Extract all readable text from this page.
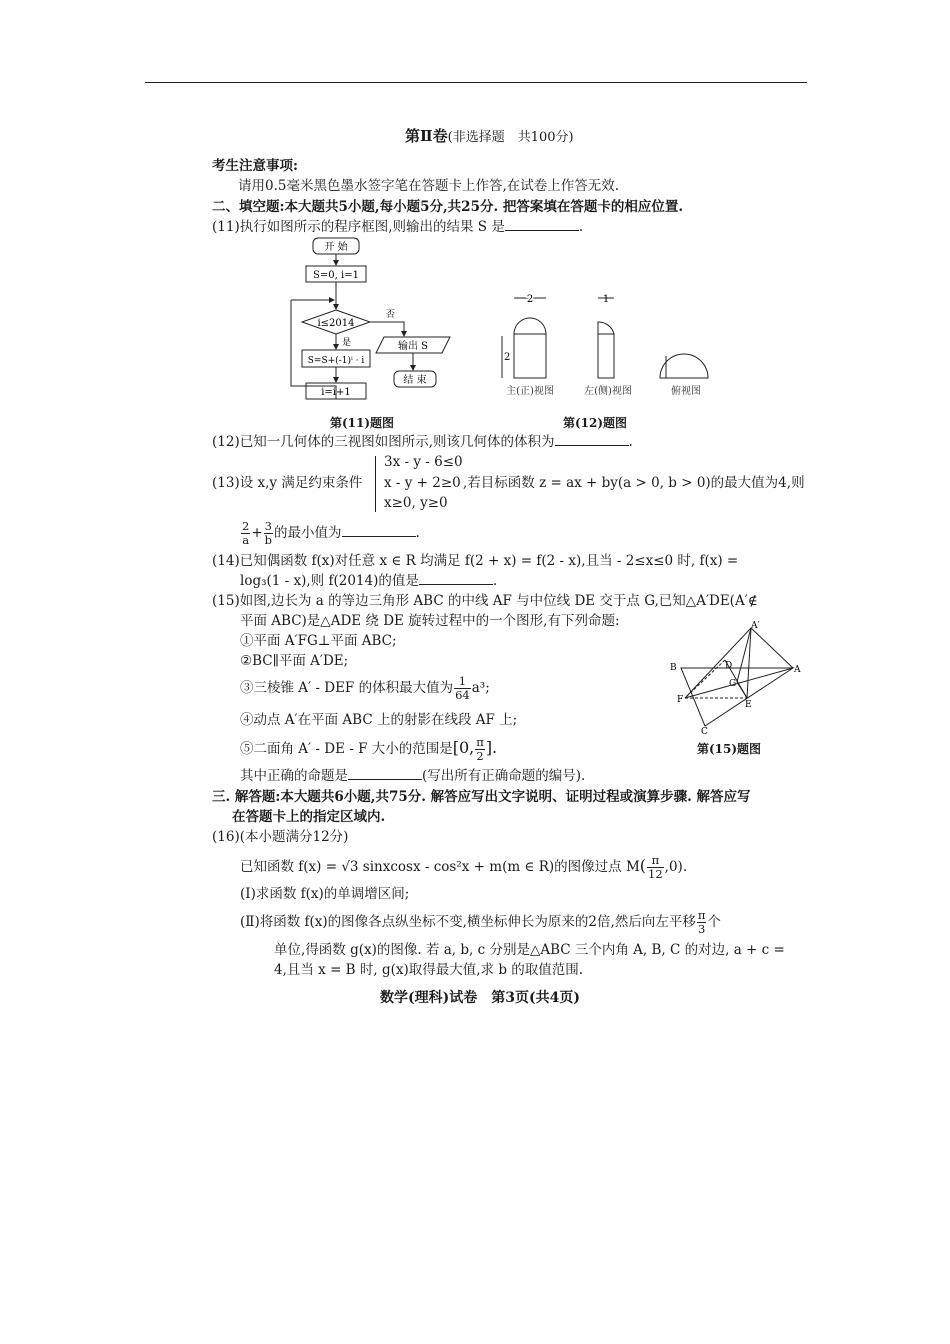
第Ⅱ卷(非选择题　共100分)
考生注意事项:
请用0.5毫米黑色墨水签字笔在答题卡上作答,在试卷上作答无效.
二、填空题:本大题共5小题,每小题5分,共25分. 把答案填在答题卡的相应位置.
(11)执行如图所示的程序框图,则输出的结果 S 是	.
开 始
S=0, i=1
i≤2014
否
是	输出 S
结 束
S=S+(-1)ⁱ · i
i=i+1
2
2
主(正)视图
1
左(侧)视图	俯视图
第(11)题图	第(12)题图
(12)已知一几何体的三视图如图所示,则该几何体的体积为	.
(13)设 x,y 满足约束条件
3x - y - 6≤0
x - y + 2≥0
x≥0, y≥0
,若目标函数 z = ax + by(a > 0, b > 0)的最大值为4,则
$\frac{2}{a} + \frac{3}{b}$ 的最小值为	.
(14)已知偶函数 f(x)对任意 x ∈ R 均满足 f(2 + x) = f(2 - x),且当 - 2≤x≤0 时, f(x) =
log₃(1 - x),则 f(2014)的值是	.
(15)如图,边长为 a 的等边三角形 ABC 的中线 AF 与中位线 DE 交于点 G,已知△A′DE(A′∉
平面 ABC)是△ADE 绕 DE 旋转过程中的一个图形,有下列命题:
①平面 A′FG⊥平面 ABC;
②BC∥平面 A′DE;
③三棱锥 A′ - DEF 的体积最大值为 $\frac{1}{64} a^3$;
④动点 A′在平面 ABC 上的射影在线段 AF 上;
⑤二面角 A′ - DE - F 大小的范围是[0, $\frac{\pi}{2}$ ].
其中正确的命题是	(写出所有正确命题的编号).
A′
A
B
C
D
E
F
G
第(15)题图
三. 解答题:本大题共6小题,共75分. 解答应写出文字说明、证明过程或演算步骤. 解答应写
在答题卡上的指定区域内.
(16)(本小题满分12分)
已知函数 f(x) = √3 sinxcosx - cos²x + m(m ∈ R)的图像过点 $M( \frac{\pi}{12} ,0)$.
(Ⅰ)求函数 f(x)的单调增区间;
(Ⅱ)将函数 f(x)的图像各点纵坐标不变,横坐标伸长为原来的2倍,然后向左平移 $\frac{\pi}{3}$ 个
单位,得函数 g(x)的图像. 若 a, b, c 分别是△ABC 三个内角 A, B, C 的对边, a + c =
4,且当 x = B 时, g(x)取得最大值,求 b 的取值范围.
数学(理科)试卷　第3页(共4页)
